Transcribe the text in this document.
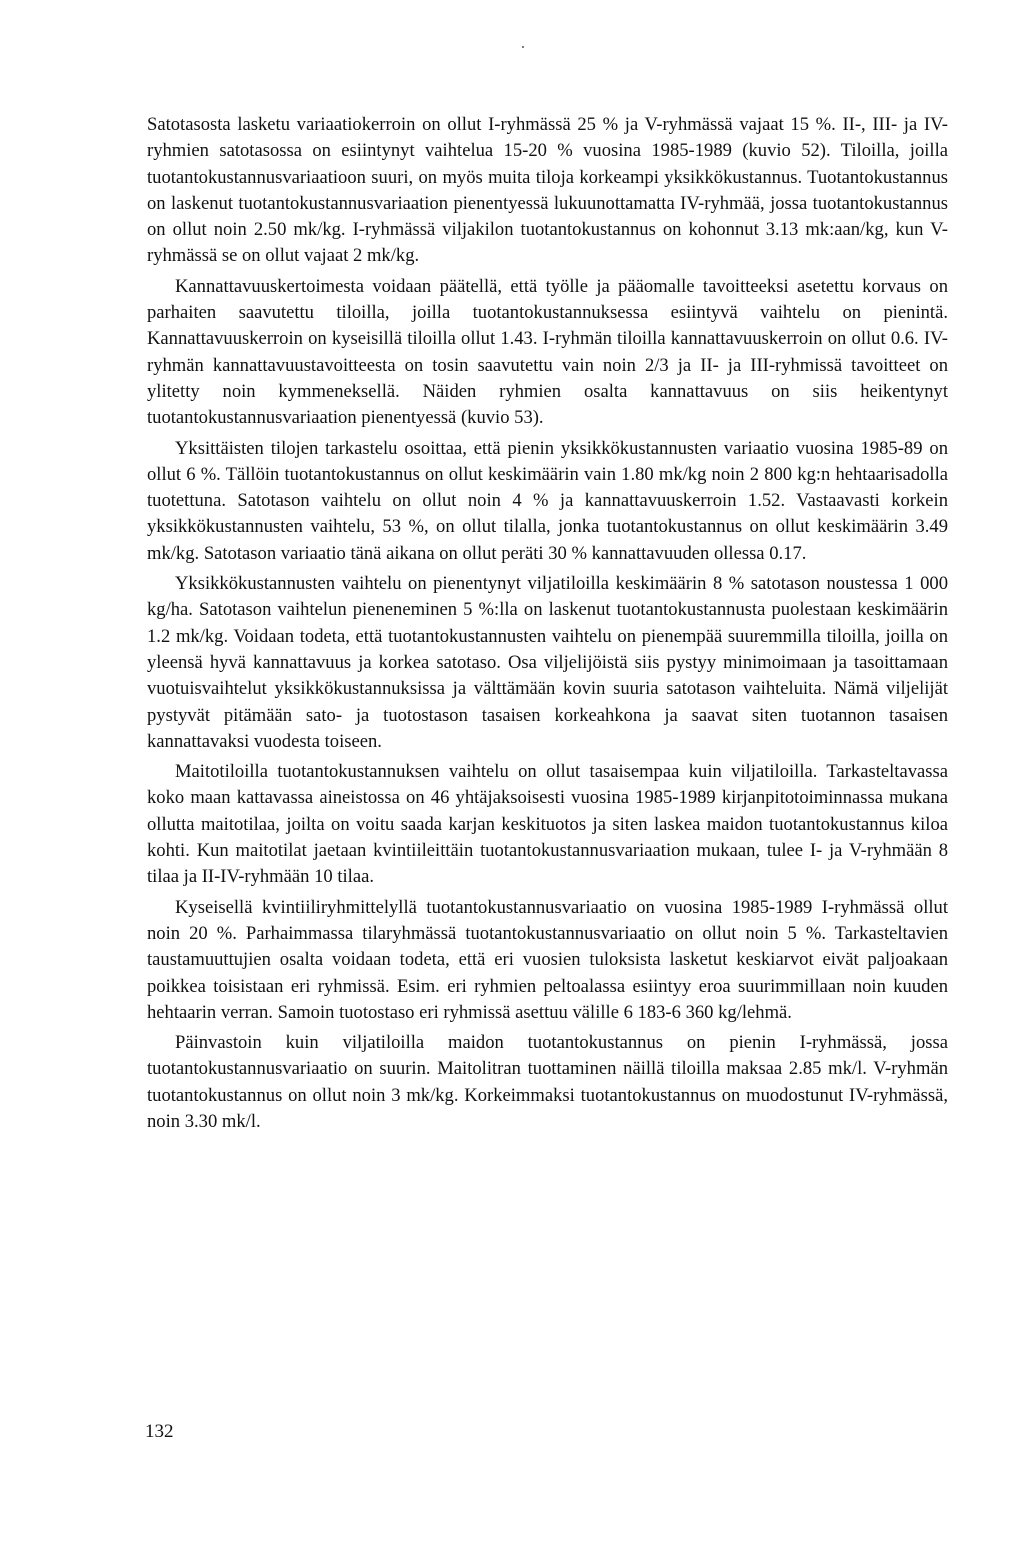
Satotasosta lasketu variaatiokerroin on ollut I-ryhmässä 25 % ja V-ryhmässä vajaat 15 %. II-, III- ja IV-ryhmien satotasossa on esiintynyt vaihtelua 15-20 % vuosina 1985-1989 (kuvio 52). Tiloilla, joilla tuotantokustannusvariaatioon suuri, on myös muita tiloja korkeampi yksikkökustannus. Tuotantokustannus on laskenut tuotantokustannusvariaation pienentyessä lukuunottamatta IV-ryhmää, jossa tuotantokustannus on ollut noin 2.50 mk/kg. I-ryhmässä viljakilon tuotantokustannus on kohonnut 3.13 mk:aan/kg, kun V-ryhmässä se on ollut vajaat 2 mk/kg.

Kannattavuuskertoimesta voidaan päätellä, että työlle ja pääomalle tavoitteeksi asetettu korvaus on parhaiten saavutettu tiloilla, joilla tuotantokustannuksessa esiintyvä vaihtelu on pienintä. Kannattavuuskerroin on kyseisillä tiloilla ollut 1.43. I-ryhmän tiloilla kannattavuuskerroin on ollut 0.6. IV-ryhmän kannattavuustavoitteesta on tosin saavutettu vain noin 2/3 ja II- ja III-ryhmissä tavoitteet on ylitetty noin kymmeneksellä. Näiden ryhmien osalta kannattavuus on siis heikentynyt tuotantokustannusvariaation pienentyessä (kuvio 53).

Yksittäisten tilojen tarkastelu osoittaa, että pienin yksikkökustannusten variaatio vuosina 1985-89 on ollut 6 %. Tällöin tuotantokustannus on ollut keskimäärin vain 1.80 mk/kg noin 2 800 kg:n hehtaarisadolla tuotettuna. Satotason vaihtelu on ollut noin 4 % ja kannattavuuskerroin 1.52. Vastaavasti korkein yksikkökustannusten vaihtelu, 53 %, on ollut tilalla, jonka tuotantokustannus on ollut keskimäärin 3.49 mk/kg. Satotason variaatio tänä aikana on ollut peräti 30 % kannattavuuden ollessa 0.17.

Yksikkökustannusten vaihtelu on pienentynyt viljatiloilla keskimäärin 8 % satotason noustessa 1 000 kg/ha. Satotason vaihtelun pieneneminen 5 %:lla on laskenut tuotantokustannusta puolestaan keskimäärin 1.2 mk/kg. Voidaan todeta, että tuotantokustannusten vaihtelu on pienempää suuremmilla tiloilla, joilla on yleensä hyvä kannattavuus ja korkea satotaso. Osa viljelijöistä siis pystyy minimoimaan ja tasoittamaan vuotuisvaihtelut yksikkökustannuksissa ja välttämään kovin suuria satotason vaihteluita. Nämä viljelijät pystyvät pitämään sato- ja tuotostason tasaisen korkeahkona ja saavat siten tuotannon tasaisen kannattavaksi vuodesta toiseen.

Maitotiloilla tuotantokustannuksen vaihtelu on ollut tasaisempaa kuin viljatiloilla. Tarkasteltavassa koko maan kattavassa aineistossa on 46 yhtäjaksoisesti vuosina 1985-1989 kirjanpitotoiminnassa mukana ollutta maitotilaa, joilta on voitu saada karjan keskituotos ja siten laskea maidon tuotantokustannus kiloa kohti. Kun maitotilat jaetaan kvintiileittäin tuotantokustannusvariaation mukaan, tulee I- ja V-ryhmään 8 tilaa ja II-IV-ryhmään 10 tilaa.

Kyseisellä kvintiiliryhmittelyllä tuotantokustannusvariaatio on vuosina 1985-1989 I-ryhmässä ollut noin 20 %. Parhaimmassa tilaryhmässä tuotantokustannusvariaatio on ollut noin 5 %. Tarkasteltavien taustamuuttujien osalta voidaan todeta, että eri vuosien tuloksista lasketut keskiarvot eivät paljoakaan poikkea toisistaan eri ryhmissä. Esim. eri ryhmien peltoalassa esiintyy eroa suurimmillaan noin kuuden hehtaarin verran. Samoin tuotostaso eri ryhmissä asettuu välille 6 183-6 360 kg/lehmä.

Päinvastoin kuin viljatiloilla maidon tuotantokustannus on pienin I-ryhmässä, jossa tuotantokustannusvariaatio on suurin. Maitolitran tuottaminen näillä tiloilla maksaa 2.85 mk/l. V-ryhmän tuotantokustannus on ollut noin 3 mk/kg. Korkeimmaksi tuotantokustannus on muodostunut IV-ryhmässä, noin 3.30 mk/l.

132
